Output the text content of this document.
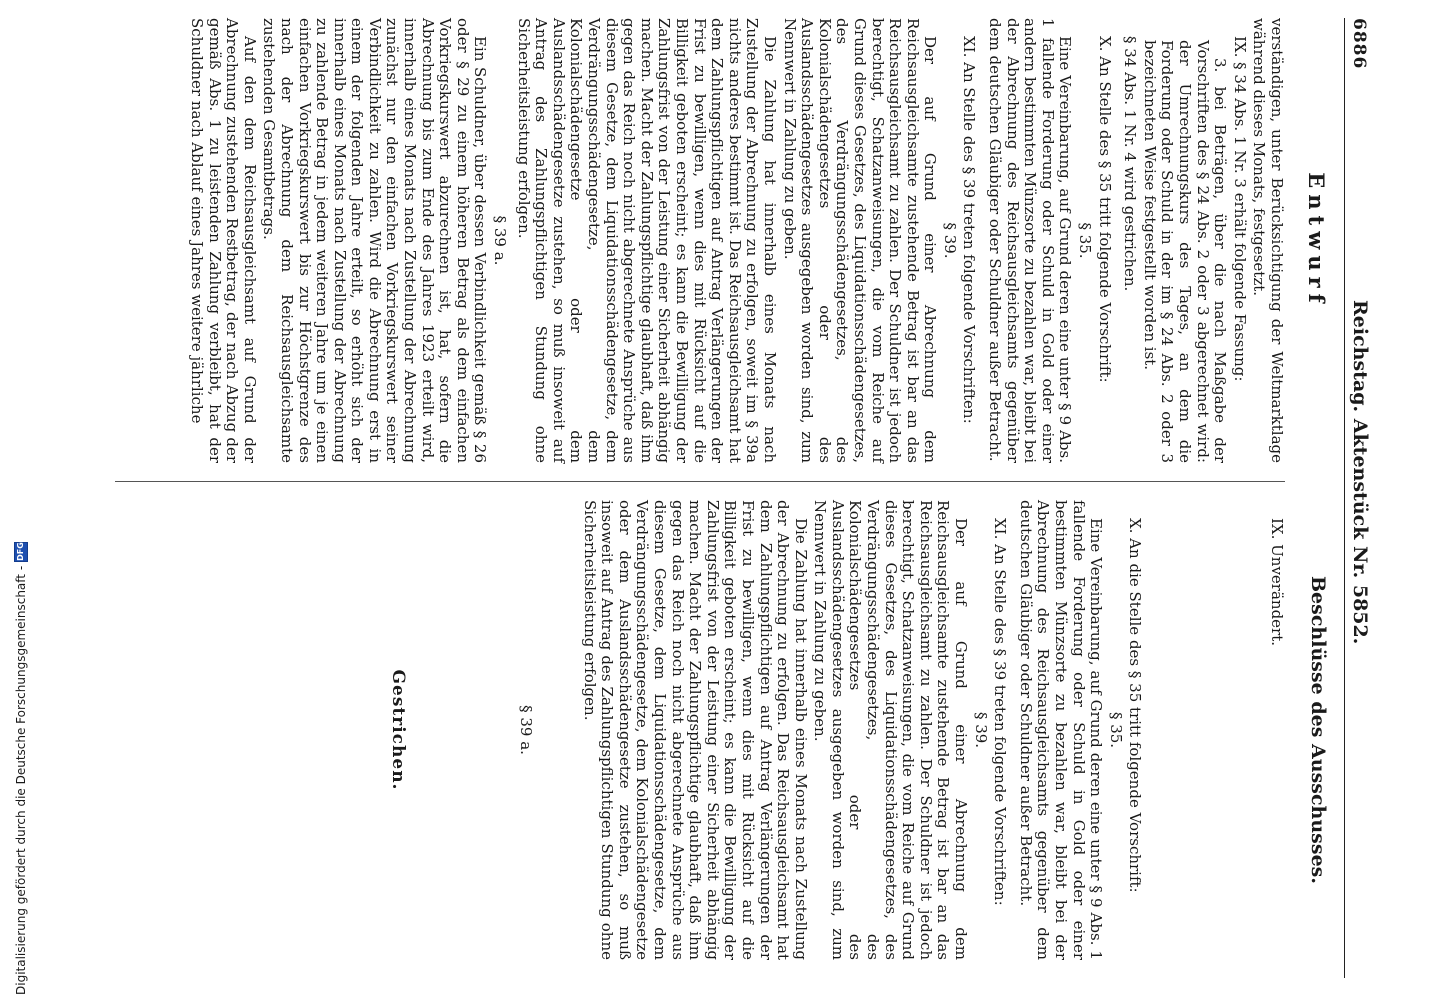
6886
Reichstag. Aktenstück Nr. 5852.
Entwurf

verständigen, unter Berücksichtigung der Weltmarktlage während dieses Monats, festgesetzt.

IX. § 34 Abs. 1 Nr. 3 erhält folgende Fassung:

3. bei Beträgen, über die nach Maßgabe der Vorschriften des § 24 Abs. 2 oder 3 abgerechnet wird: der Umrechnungskurs des Tages, an dem die Forderung oder Schuld in der im § 24 Abs. 2 oder 3 bezeichneten Weise festgestellt worden ist.

§ 34 Abs. 1 Nr. 4 wird gestrichen.

X. An Stelle des § 35 tritt folgende Vorschrift:

§ 35.

Eine Vereinbarung, auf Grund deren eine unter § 9 Abs. 1 fallende Forderung oder Schuld in Gold oder einer andern bestimmten Münzsorte zu bezahlen war, bleibt bei der Abrechnung des Reichsausgleichsamts gegenüber dem deutschen Gläubiger oder Schuldner außer Betracht.

XI. An Stelle des § 39 treten folgende Vorschriften:

§ 39.

Der auf Grund einer Abrechnung dem Reichsausgleichsamte zustehende Betrag ist bar an das Reichsausgleichsamt zu zahlen. Der Schuldner ist jedoch berechtigt, Schatzanweisungen, die vom Reiche auf Grund dieses Gesetzes, des Liquidationsschädengesetzes, des Verdrängungsschädengesetzes, des Kolonialschädengesetzes oder des Auslandsschädengesetzes ausgegeben worden sind, zum Nennwert in Zahlung zu geben.

Die Zahlung hat innerhalb eines Monats nach Zustellung der Abrechnung zu erfolgen, soweit im § 39a nichts anderes bestimmt ist. Das Reichsausgleichsamt hat dem Zahlungspflichtigen auf Antrag Verlängerungen der Frist zu bewilligen, wenn dies mit Rücksicht auf die Billigkeit geboten erscheint; es kann die Bewilligung der Zahlungsfrist von der Leistung einer Sicherheit abhängig machen. Macht der Zahlungspflichtige glaubhaft, daß ihm gegen das Reich noch nicht abgerechnete Ansprüche aus diesem Gesetze, dem Liquidationsschädengesetze, dem Verdrängungsschädengesetze, dem Kolonialschädengesetze oder dem Auslandsschädengesetze zustehen, so muß insoweit auf Antrag des Zahlungspflichtigen Stundung ohne Sicherheitsleistung erfolgen.

§ 39 a.

Ein Schuldner, über dessen Verbindlichkeit gemäß § 26 oder § 29 zu einem höheren Betrag als dem einfachen Vorkriegskurswert abzurechnen ist, hat, sofern die Abrechnung bis zum Ende des Jahres 1923 erteilt wird, innerhalb eines Monats nach Zustellung der Abrechnung zunächst nur den einfachen Vorkriegskurswert seiner Verbindlichkeit zu zahlen. Wird die Abrechnung erst in einem der folgenden Jahre erteilt, so erhöht sich der innerhalb eines Monats nach Zustellung der Abrechnung zu zahlende Betrag in jedem weiteren Jahre um je einen einfachen Vorkriegskurswert bis zur Höchstgrenze des nach der Abrechnung dem Reichsausgleichsamte zustehenden Gesamtbetrags.

Auf den dem Reichsausgleichsamt auf Grund der Abrechnung zustehenden Restbetrag, der nach Abzug der gemäß Abs. 1 zu leistenden Zahlung verbleibt, hat der Schuldner nach Ablauf eines Jahres weitere jährliche

Beschlüsse des Ausschusses.

IX. Unverändert.

X. An die Stelle des § 35 tritt folgende Vorschrift:

§ 35.

Eine Vereinbarung, auf Grund deren eine unter § 9 Abs. 1 fallende Forderung oder Schuld in Gold oder einer bestimmten Münzsorte zu bezahlen war, bleibt bei der Abrechnung des Reichsausgleichsamts gegenüber dem deutschen Gläubiger oder Schuldner außer Betracht.

XI. An Stelle des § 39 treten folgende Vorschriften:

§ 39.

Der auf Grund einer Abrechnung dem Reichsausgleichsamte zustehende Betrag ist bar an das Reichsausgleichsamt zu zahlen. Der Schuldner ist jedoch berechtigt, Schatzanweisungen, die vom Reiche auf Grund dieses Gesetzes, des Liquidationsschädengesetzes, des Verdrängungsschädengesetzes, des Kolonialschädengesetzes oder des Auslandsschädengesetzes ausgegeben worden sind, zum Nennwert in Zahlung zu geben.

Die Zahlung hat innerhalb eines Monats nach Zustellung der Abrechnung zu erfolgen. Das Reichsausgleichsamt hat dem Zahlungspflichtigen auf Antrag Verlängerungen der Frist zu bewilligen, wenn dies mit Rücksicht auf die Billigkeit geboten erscheint; es kann die Bewilligung der Zahlungsfrist von der Leistung einer Sicherheit abhängig machen. Macht der Zahlungspflichtige glaubhaft, daß ihm gegen das Reich noch nicht abgerechnete Ansprüche aus diesem Gesetze, dem Liquidationsschädengesetze, dem Verdrängungsschädengesetze, dem Kolonialschädengesetze oder dem Auslandsschädengesetze zustehen, so muß insoweit auf Antrag des Zahlungspflichtigen Stundung ohne Sicherheitsleistung erfolgen.

§ 39 a.

Gestrichen.

Digitalisierung gefördert durch die Deutsche Forschungsgemeinschaft -
DFG
